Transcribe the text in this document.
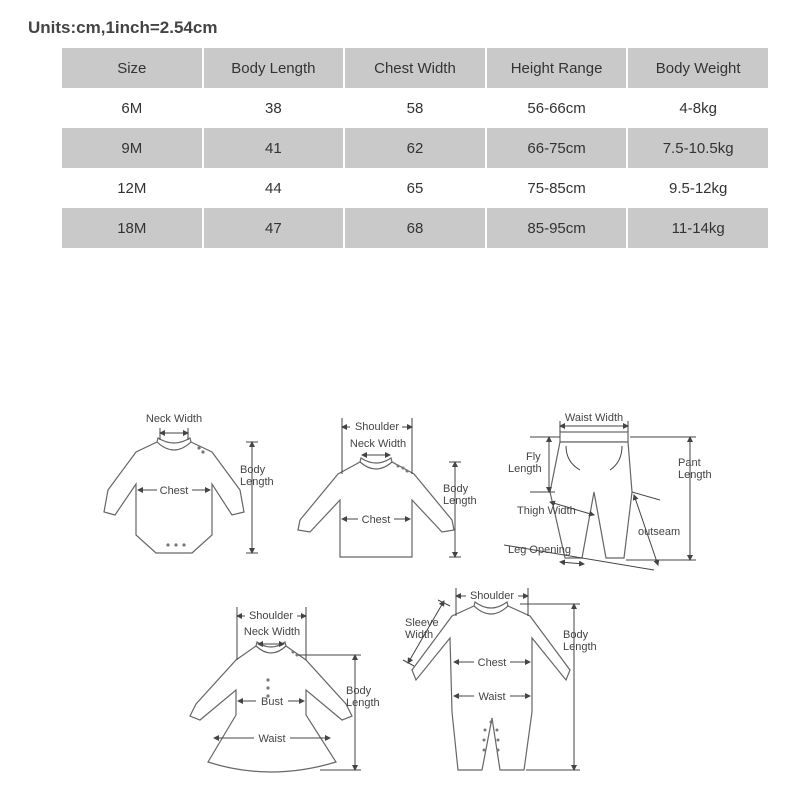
Units:cm,1inch=2.54cm
Size	Body Length	Chest Width	Height Range	Body Weight
6M	38	58	56-66cm	4-8kg
9M	41	62	66-75cm	7.5-10.5kg
12M	44	65	75-85cm	9.5-12kg
18M	47	68	85-95cm	11-14kg
Neck Width
Chest
Body
Length
Shoulder
Neck Width
Chest
Body
Length
Waist Width
Fly
Length	Pant
Length
Thigh Width
outseam
Leg Opening
Shoulder
Neck Width
Bust
Waist
Body
Length
Shoulder
Sleeve
Width
Chest
Waist
Body
Length
